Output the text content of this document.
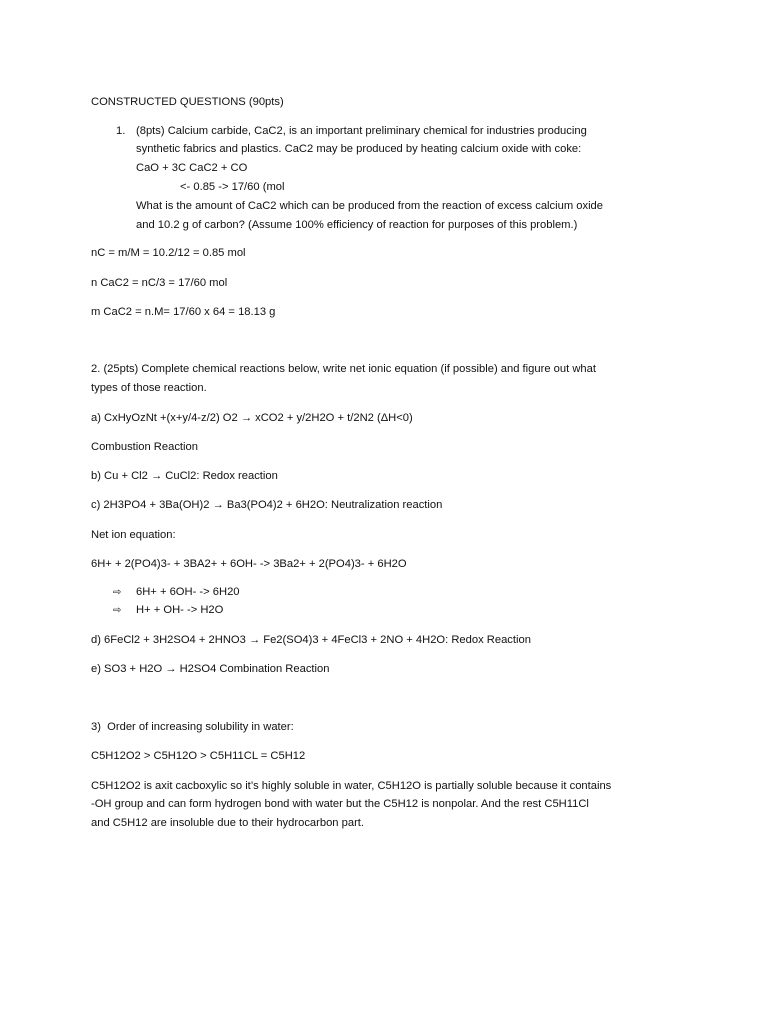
CONSTRUCTED QUESTIONS (90pts)
1. (8pts) Calcium carbide, CaC2, is an important preliminary chemical for industries producing
synthetic fabrics and plastics. CaC2 may be produced by heating calcium oxide with coke:
CaO + 3C CaC2 + CO
<- 0.85 -> 17/60 (mol
What is the amount of CaC2 which can be produced from the reaction of excess calcium oxide
and 10.2 g of carbon? (Assume 100% efficiency of reaction for purposes of this problem.)
nC = m/M = 10.2/12 = 0.85 mol
n CaC2 = nC/3 = 17/60 mol
m CaC2 = n.M= 17/60 x 64 = 18.13 g
2. (25pts) Complete chemical reactions below, write net ionic equation (if possible) and figure out what
types of those reaction.
a) CxHyOzNt +(x+y/4-z/2) O2 → xCO2 + y/2H2O + t/2N2 (ΔH<0)
Combustion Reaction
b) Cu + Cl2 → CuCl2: Redox reaction
c) 2H3PO4 + 3Ba(OH)2 → Ba3(PO4)2 + 6H2O: Neutralization reaction
Net ion equation:
6H+ + 2(PO4)3- + 3BA2+ + 6OH- -> 3Ba2+ + 2(PO4)3- + 6H2O
⇨ 6H+ + 6OH- -> 6H20
⇨ H+ + OH- -> H2O
d) 6FeCl2 + 3H2SO4 + 2HNO3 → Fe2(SO4)3 + 4FeCl3 + 2NO + 4H2O: Redox Reaction
e) SO3 + H2O → H2SO4 Combination Reaction
3)  Order of increasing solubility in water:
C5H12O2 > C5H12O > C5H11CL = C5H12
C5H12O2 is axit cacboxylic so it’s highly soluble in water, C5H12O is partially soluble because it contains
-OH group and can form hydrogen bond with water but the C5H12 is nonpolar. And the rest C5H11Cl
and C5H12 are insoluble due to their hydrocarbon part.
